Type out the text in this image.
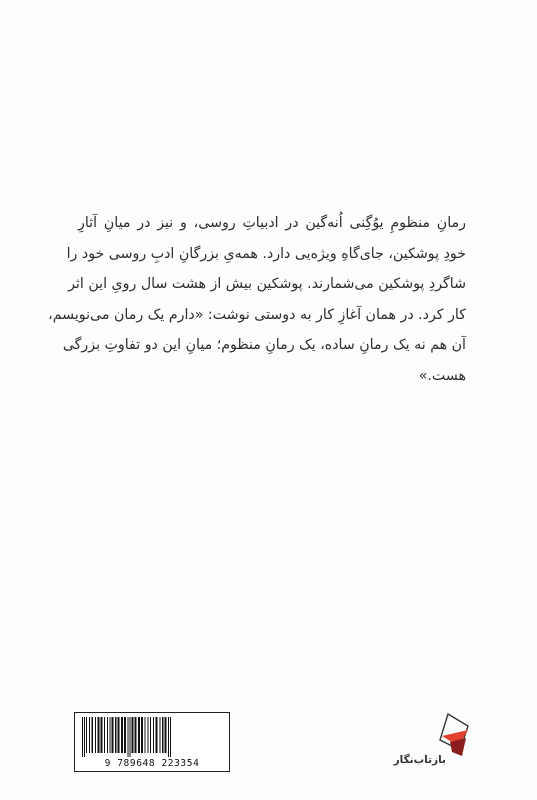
رمانِ منظومِ یوُگِنی اُنه‌گین در ادبیاتِ روسی، و نیز در میانِ آثارِ
خودِ پوشکین، جای‌گاهِ ویژه‌یی دارد. همه‌یِ بزرگانِ ادبِ روسی خود را
شاگردِ پوشکین می‌شمارند. پوشکین بیش از هشت سال رویِ این اثر
کار کرد. در همان آغازِ کار به دوستی نوشت: «دارم یک رمان می‌نویسم،
آن هم نه یک رمانِ ساده، یک رمانِ منظوم؛ میانِ این دو تفاوتِ بزرگی
هست.»
9 789648 223354	بازتاب‌نگار
